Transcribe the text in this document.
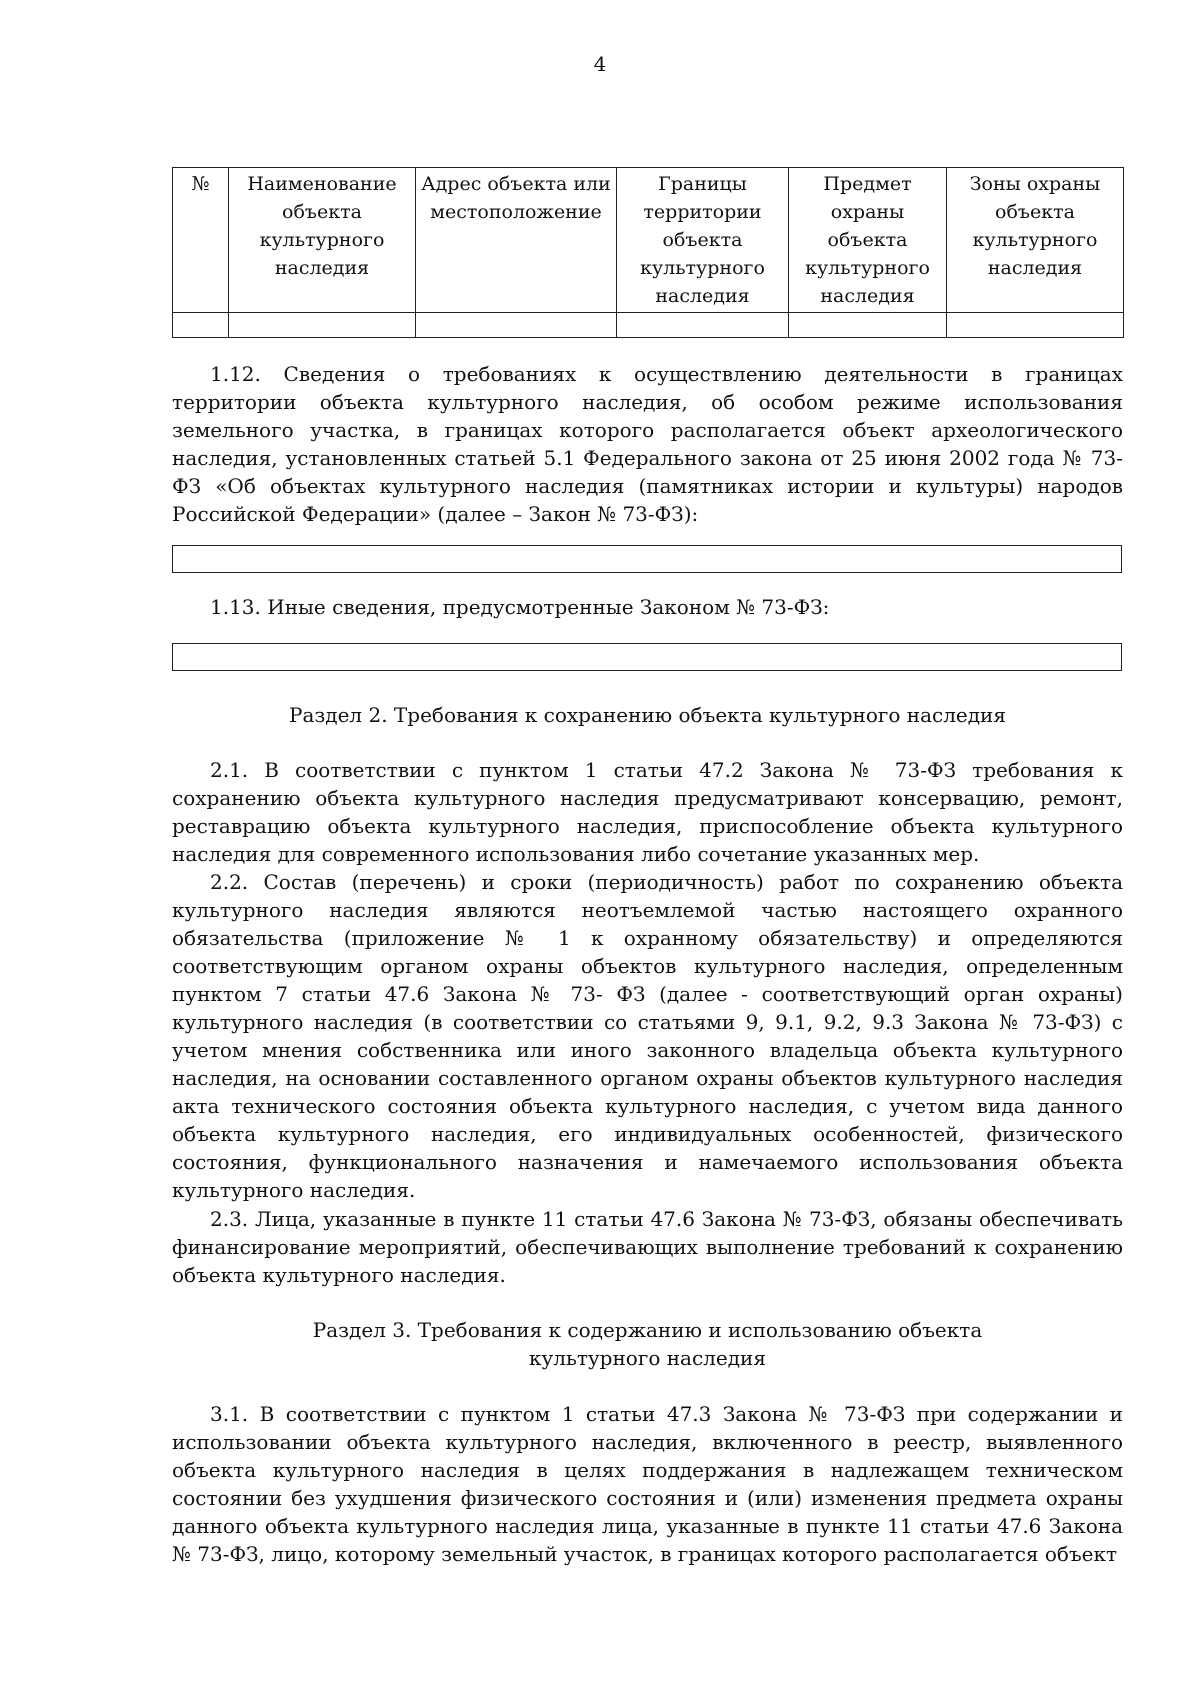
4
№	Наименование объекта культурного наследия	Адрес объекта или местоположение	Границы территории объекта культурного наследия	Предмет охраны объекта культурного наследия	Зоны охраны объекта культурного наследия

1.12. Сведения о требованиях к осуществлению деятельности в границах территории объекта культурного наследия, об особом режиме использования земельного участка, в границах которого располагается объект археологического наследия, установленных статьей 5.1 Федерального закона от 25 июня 2002 года № 73-ФЗ «Об объектах культурного наследия (памятниках истории и культуры) народов Российской Федерации» (далее – Закон № 73-ФЗ):

1.13. Иные сведения, предусмотренные Законом № 73-ФЗ:

Раздел 2. Требования к сохранению объекта культурного наследия

2.1. В соответствии с пунктом 1 статьи 47.2 Закона № 73-ФЗ требования к сохранению объекта культурного наследия предусматривают консервацию, ремонт, реставрацию объекта культурного наследия, приспособление объекта культурного наследия для современного использования либо сочетание указанных мер.

2.2. Состав (перечень) и сроки (периодичность) работ по сохранению объекта культурного наследия являются неотъемлемой частью настоящего охранного обязательства (приложение № 1 к охранному обязательству) и определяются соответствующим органом охраны объектов культурного наследия, определенным пунктом 7 статьи 47.6 Закона № 73- ФЗ (далее - соответствующий орган охраны) культурного наследия (в соответствии со статьями 9, 9.1, 9.2, 9.3 Закона № 73-ФЗ) с учетом мнения собственника или иного законного владельца объекта культурного наследия, на основании составленного органом охраны объектов культурного наследия акта технического состояния объекта культурного наследия, с учетом вида данного объекта культурного наследия, его индивидуальных особенностей, физического состояния, функционального назначения и намечаемого использования объекта культурного наследия.

2.3. Лица, указанные в пункте 11 статьи 47.6 Закона № 73-ФЗ, обязаны обеспечивать финансирование мероприятий, обеспечивающих выполнение требований к сохранению объекта культурного наследия.

Раздел 3. Требования к содержанию и использованию объекта

культурного наследия

3.1. В соответствии с пунктом 1 статьи 47.3 Закона № 73-ФЗ при содержании и использовании объекта культурного наследия, включенного в реестр, выявленного объекта культурного наследия в целях поддержания в надлежащем техническом состоянии без ухудшения физического состояния и (или) изменения предмета охраны данного объекта культурного наследия лица, указанные в пункте 11 статьи 47.6 Закона № 73-ФЗ, лицо, которому земельный участок, в границах которого располагается объект
